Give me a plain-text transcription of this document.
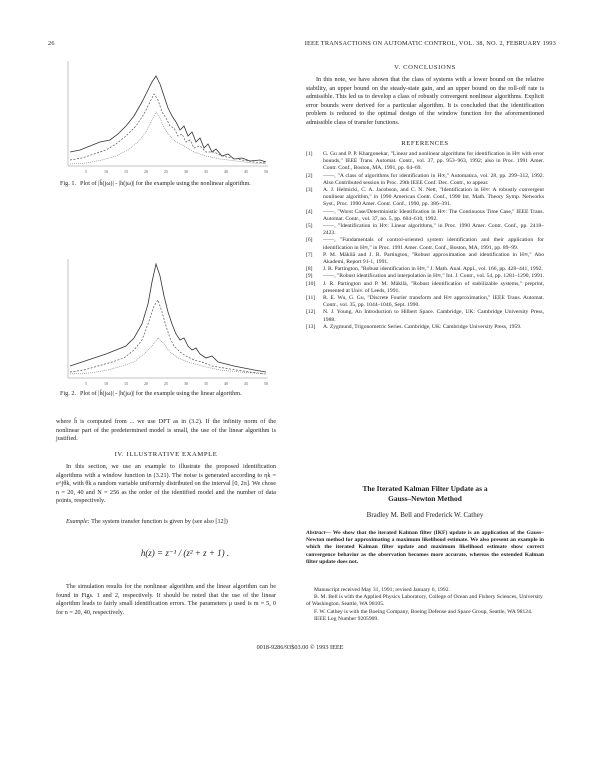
26	IEEE TRANSACTIONS ON AUTOMATIC CONTROL, VOL. 38, NO. 2, FEBRUARY 1993
5	10	15	20	25	30	35	40	45	50
Fig. 1. Plot of |ĥ(jω)| - |h(jω)| for the example using the nonlinear algorithm.
5	10	15	20	25	30	35	40	45	50
Fig. 2. Plot of |ĥ(jω)| - |h(jω)| for the example using the linear algorithm.
where ĥ is computed from ... we use DFT as in (3.2). If the infinity norm of the nonlinear part of the predetermined model is small, the use of the linear algorithm is justified.
IV. ILLUSTRATIVE EXAMPLE
In this section, we use an example to illustrate the proposed identification algorithms with a window function in (3.21). The noise is generated according to ηk = e^jθk, with θk a random variable uniformly distributed on the interval [0, 2π]. We chose n = 20, 40 and N = 256 as the order of the identified model and the number of data points, respectively.
Example: The system transfer function is given by (see also [12])
h(z) = z⁻¹ / (z² + z + 1) .
The simulation results for the nonlinear algorithm and the linear algorithm can be found in Figs. 1 and 2, respectively. It should be noted that the use of the linear algorithm leads to fairly small identification errors. The parameters μ used is m = 5, 0 for n = 20, 40, respectively.
V. CONCLUSIONS
In this note, we have shown that the class of systems with a lower bound on the relative stability, an upper bound on the steady-state gain, and an upper bound on the roll-off rate is admissible. This led us to develop a class of robustly convergent nonlinear algorithms. Explicit error bounds were derived for a particular algorithm. It is concluded that the identification problem is reduced to the optimal design of the window function for the aforementioned admissible class of transfer functions.
REFERENCES
[1]	G. Gu and P. P. Khargonekar, "Linear and nonlinear algorithms for identification in H∞ with error bounds," IEEE Trans. Automat. Contr., vol. 37, pp. 953–963, 1992; also in Proc. 1991 Amer. Contr. Conf., Boston, MA, 1991, pp. 64–69.
[2]	——, "A class of algorithms for identification in H∞," Automatica, vol. 28, pp. 299–312, 1992. Also Contributed session in Proc. 29th IEEE Conf. Dec. Contr., to appear.
[3]	A. J. Helmicki, C. A. Jacobson, and C. N. Nett, "Identification in H∞: A robustly convergent nonlinear algorithm," in 1990 American Contr. Conf., 1990 Int. Math. Theory Symp. Networks Syst., Proc. 1990 Amer. Contr. Conf., 1990, pp. 386–391.
[4]	——, "Worst Case/Deterministic Identification in H∞: The Continuous Time Case," IEEE Trans. Automat. Contr., vol. 37, no. 5, pp. 604–610, 1992.
[5]	——, "Identification in H∞: Linear algorithms," in Proc. 1990 Amer. Contr. Conf., pp. 2418–2423.
[6]	——, "Fundamentals of control-oriented system identification and their application for identification in H∞," in Proc. 1991 Amer. Contr. Conf., Boston, MA, 1991, pp. 89–99.
[7]	P. M. Mäkilä and J. R. Partington, "Robust approximation and identification in H∞," Abo Akademi, Report 91-1, 1991.
[8]	J. R. Partington, "Robust identification in H∞," J. Math. Anal. Appl., vol. 166, pp. 428–441, 1992.
[9]	——, "Robust identification and interpolation in H∞," Int. J. Contr., vol. 54, pp. 1281–1290, 1991.
[10]	J. R. Partington and P. M. Mäkilä, "Robust identification of stabilizable systems," preprint, presented at Univ. of Leeds, 1991.
[11]	R. E. Wu, G. Gu, "Discrete Fourier transform and H∞ approximation," IEEE Trans. Automat. Contr., vol. 35, pp. 1044–1046, Sept. 1990.
[12]	N. J. Young, An Introduction to Hilbert Space. Cambridge, UK: Cambridge University Press, 1988.
[13]	A. Zygmund, Trigonometric Series. Cambridge, UK: Cambridge University Press, 1959.
The Iterated Kalman Filter Update as a
Gauss–Newton Method
Bradley M. Bell and Frederick W. Cathey
Abstract— We show that the iterated Kalman filter (IKF) update is an application of the Gauss–Newton method for approximating a maximum likelihood estimate. We also present an example in which the iterated Kalman filter update and maximum likelihood estimate show correct convergence behavior as the observation becomes more accurate, whereas the extended Kalman filter update does not.
Manuscript received May 31, 1991; revised January 6, 1992.
B. M. Bell is with the Applied Physics Laboratory, College of Ocean and Fishery Sciences, University of Washington, Seattle, WA 98105.
F. W. Cathey is with the Boeing Company, Boeing Defense and Space Group, Seattle, WA 98124.
IEEE Log Number 9205909.
0018-9286/93$03.00 © 1993 IEEE
